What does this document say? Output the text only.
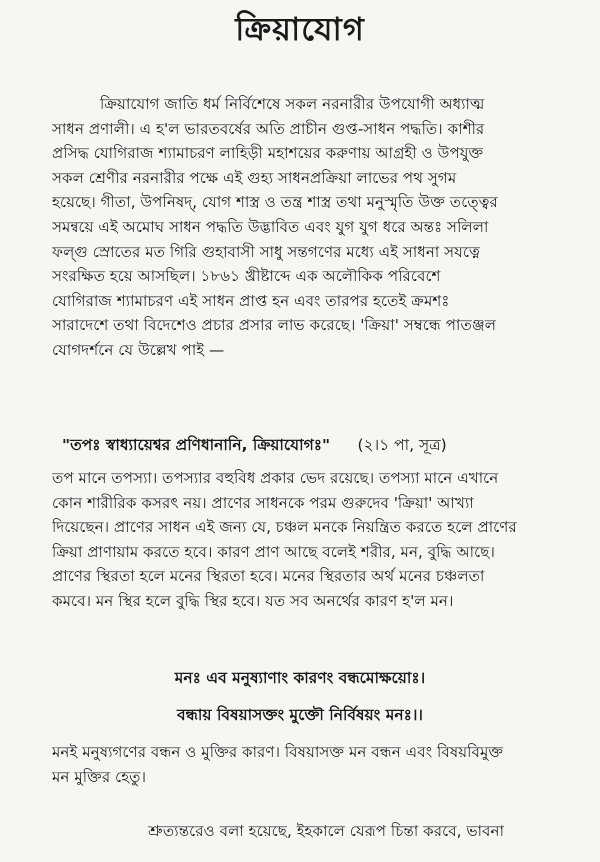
ক্রিয়াযোগ
ক্রিয়াযোগ জাতি ধর্ম নির্বিশেষে সকল নরনারীর উপযোগী অধ্যাত্ম
সাধন প্রণালী। এ হ'ল ভারতবর্ষের অতি প্রাচীন গুপ্ত-সাধন পদ্ধতি। কাশীর
প্রসিদ্ধ যোগিরাজ শ্যামাচরণ লাহিড়ী মহাশয়ের করুণায় আগ্রহী ও উপযুক্ত
সকল শ্রেণীর নরনারীর পক্ষে এই গুহ্য সাধনপ্রক্রিয়া লাভের পথ সুগম
হয়েছে। গীতা, উপনিষদ্‌, যোগ শাস্ত্র ও তন্ত্র শাস্ত্র তথা মনুস্মৃতি উক্ত তত্ত্বের
সমন্বয়ে এই অমোঘ সাধন পদ্ধতি উদ্ভাবিত এবং যুগ যুগ ধরে অন্তঃ সলিলা
ফল্গু স্রোতের মত গিরি গুহাবাসী সাধু সন্তগণের মধ্যে এই সাধনা সযত্নে
সংরক্ষিত হয়ে আসছিল। ১৮৬১ খ্রীষ্টাব্দে এক অলৌকিক পরিবেশে
যোগিরাজ শ্যামাচরণ এই সাধন প্রাপ্ত হন এবং তারপর হতেই ক্রমশঃ
সারাদেশে তথা বিদেশেও প্রচার প্রসার লাভ করেছে। 'ক্রিয়া' সম্বন্ধে পাতঞ্জল
যোগদর্শনে যে উল্লেখ পাই —
"তপঃ স্বাধ্যায়েশ্বর প্রণিধানানি, ক্রিয়াযোগঃ" (২।১ পা, সূত্র)
তপ মানে তপস্যা। তপস্যার বহুবিধ প্রকার ভেদ রয়েছে। তপস্যা মানে এখানে
কোন শারীরিক কসরৎ নয়। প্রাণের সাধনকে পরম গুরুদেব 'ক্রিয়া' আখ্যা
দিয়েছেন। প্রাণের সাধন এই জন্য যে, চঞ্চল মনকে নিয়ন্ত্রিত করতে হলে প্রাণের
ক্রিয়া প্রাণায়াম করতে হবে। কারণ প্রাণ আছে বলেই শরীর, মন, বুদ্ধি আছে।
প্রাণের স্থিরতা হলে মনের স্থিরতা হবে। মনের স্থিরতার অর্থ মনের চঞ্চলতা
কমবে। মন স্থির হলে বুদ্ধি স্থির হবে। যত সব অনর্থের কারণ হ'ল মন।
মনঃ এব মনুষ্যাণাং কারণং বন্ধমোক্ষয়োঃ।
বন্ধায় বিষয়াসক্তং মুক্তৌ নির্বিষয়ং মনঃ।।
মনই মনুষ্যগণের বন্ধন ও মুক্তির কারণ। বিষয়াসক্ত মন বন্ধন এবং বিষয়বিমুক্ত
মন মুক্তির হেতু।
শ্রুত্যন্তরেও বলা হয়েছে, ইহকালে যেরূপ চিন্তা করবে, ভাবনা
